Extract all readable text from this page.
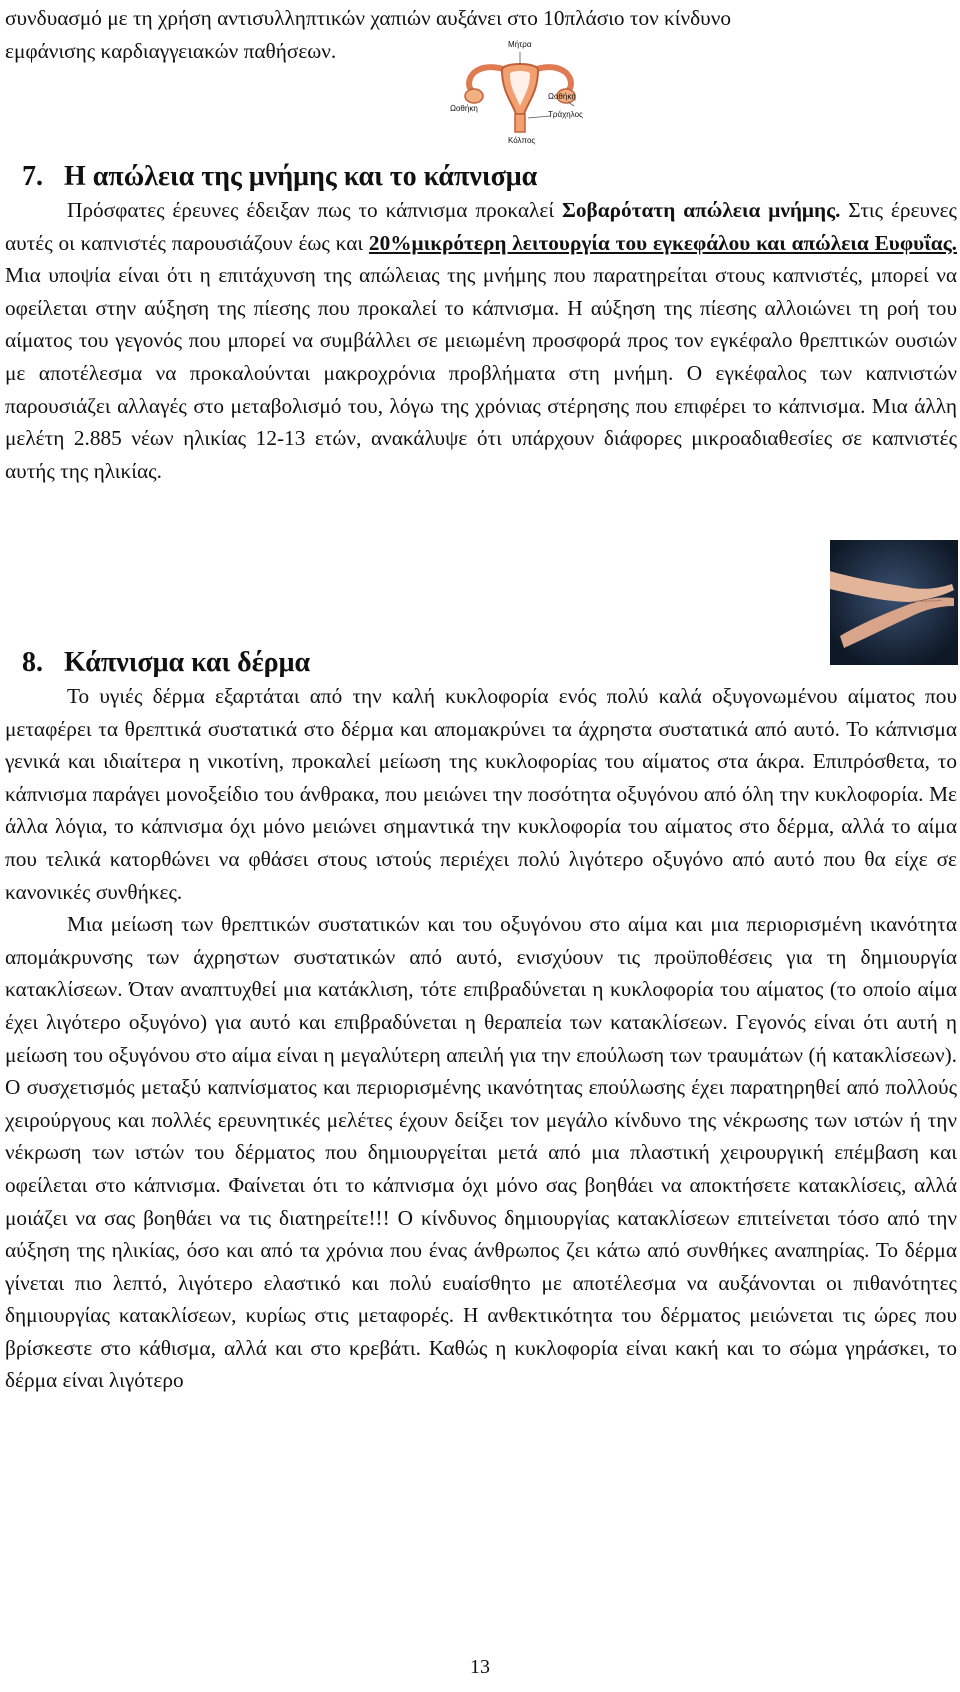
συνδυασμό με τη χρήση αντισυλληπτικών χαπιών αυξάνει στο 10πλάσιο τον κίνδυνο
εμφάνισης καρδιαγγειακών παθήσεων.	Μήτρα
Ωοθήκη
Ωοθήκη
Τράχηλος
Κόλπος
7. Η απώλεια της μνήμης και το κάπνισμα

Πρόσφατες έρευνες έδειξαν πως το κάπνισμα προκαλεί Σοβαρότατη απώλεια μνήμης. Στις έρευνες αυτές οι καπνιστές παρουσιάζουν έως και 20%μικρότερη λειτουργία του εγκεφάλου και απώλεια Ευφυΐας. Μια υποψία είναι ότι η επιτάχυνση της απώλειας της μνήμης που παρατηρείται στους καπνιστές, μπορεί να οφείλεται στην αύξηση της πίεσης που προκαλεί το κάπνισμα. Η αύξηση της πίεσης αλλοιώνει τη ροή του αίματος του γεγονός που μπορεί να συμβάλλει σε μειωμένη προσφορά προς τον εγκέφαλο θρεπτικών ουσιών με αποτέλεσμα να προκαλούνται μακροχρόνια προβλήματα στη μνήμη. Ο εγκέφαλος των καπνιστών παρουσιάζει αλλαγές στο μεταβολισμό του, λόγω της χρόνιας στέρησης που επιφέρει το κάπνισμα. Μια άλλη μελέτη 2.885 νέων ηλικίας 12-13 ετών, ανακάλυψε ότι υπάρχουν διάφορες μικροαδιαθεσίες σε καπνιστές αυτής της ηλικίας.

8. Κάπνισμα και δέρμα

Το υγιές δέρμα εξαρτάται από την καλή κυκλοφορία ενός πολύ καλά οξυγονωμένου αίματος που μεταφέρει τα θρεπτικά συστατικά στο δέρμα και απομακρύνει τα άχρηστα συστατικά από αυτό. Το κάπνισμα γενικά και ιδιαίτερα η νικοτίνη, προκαλεί μείωση της κυκλοφορίας του αίματος στα άκρα. Επιπρόσθετα, το κάπνισμα παράγει μονοξείδιο του άνθρακα, που μειώνει την ποσότητα οξυγόνου από όλη την κυκλοφορία. Με άλλα λόγια, το κάπνισμα όχι μόνο μειώνει σημαντικά την κυκλοφορία του αίματος στο δέρμα, αλλά το αίμα που τελικά κατορθώνει να φθάσει στους ιστούς περιέχει πολύ λιγότερο οξυγόνο από αυτό που θα είχε σε κανονικές συνθήκες.

Μια μείωση των θρεπτικών συστατικών και του οξυγόνου στο αίμα και μια περιορισμένη ικανότητα απομάκρυνσης των άχρηστων συστατικών από αυτό, ενισχύουν τις προϋποθέσεις για τη δημιουργία κατακλίσεων. Όταν αναπτυχθεί μια κατάκλιση, τότε επιβραδύνεται η κυκλοφορία του αίματος (το οποίο αίμα έχει λιγότερο οξυγόνο) για αυτό και επιβραδύνεται η θεραπεία των κατακλίσεων. Γεγονός είναι ότι αυτή η μείωση του οξυγόνου στο αίμα είναι η μεγαλύτερη απειλή για την επούλωση των τραυμάτων (ή κατακλίσεων). Ο συσχετισμός μεταξύ καπνίσματος και περιορισμένης ικανότητας επούλωσης έχει παρατηρηθεί από πολλούς χειρούργους και πολλές ερευνητικές μελέτες έχουν δείξει τον μεγάλο κίνδυνο της νέκρωσης των ιστών ή την νέκρωση των ιστών του δέρματος που δημιουργείται μετά από μια πλαστική χειρουργική επέμβαση και οφείλεται στο κάπνισμα. Φαίνεται ότι το κάπνισμα όχι μόνο σας βοηθάει να αποκτήσετε κατακλίσεις, αλλά μοιάζει να σας βοηθάει να τις διατηρείτε!!! Ο κίνδυνος δημιουργίας κατακλίσεων επιτείνεται τόσο από την αύξηση της ηλικίας, όσο και από τα χρόνια που ένας άνθρωπος ζει κάτω από συνθήκες αναπηρίας. Το δέρμα γίνεται πιο λεπτό, λιγότερο ελαστικό και πολύ ευαίσθητο με αποτέλεσμα να αυξάνονται οι πιθανότητες δημιουργίας κατακλίσεων, κυρίως στις μεταφορές. Η ανθεκτικότητα του δέρματος μειώνεται τις ώρες που βρίσκεστε στο κάθισμα, αλλά και στο κρεβάτι. Καθώς η κυκλοφορία είναι κακή και το σώμα γηράσκει, το δέρμα είναι λιγότερο

13
